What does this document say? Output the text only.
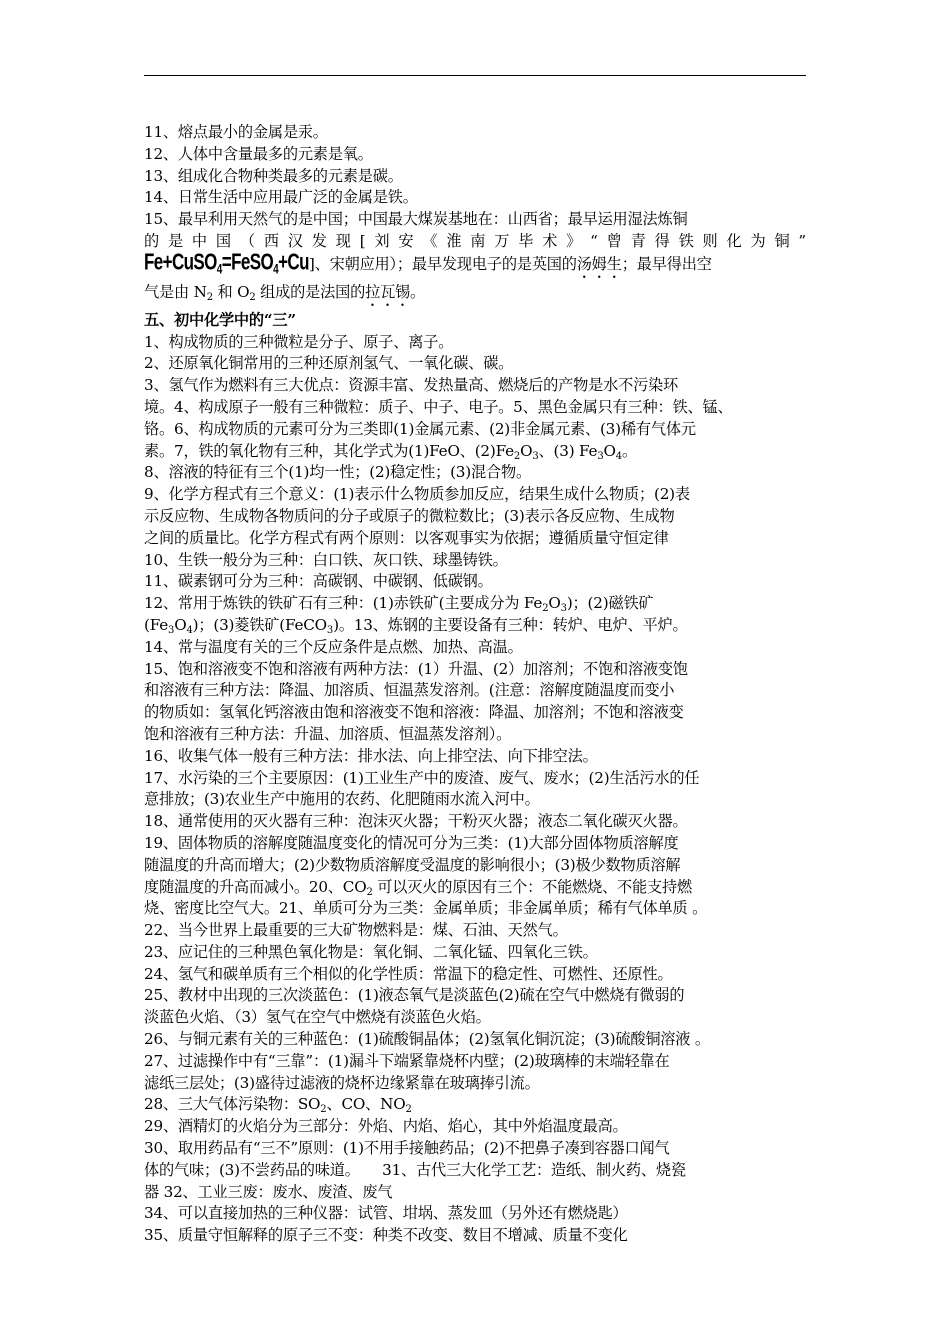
11、熔点最小的金属是汞。

12、人体中含量最多的元素是氧。

13、组成化合物种类最多的元素是碳。

14、日常生活中应用最广泛的金属是铁。

15、最早利用天然气的是中国；中国最大煤炭基地在：山西省；最早运用湿法炼铜

的是中国（西汉发现[刘安《淮南万毕术》“曾青得铁则化为铜”

Fe+CuSO$_4$=FeSO$_4$+Cu]、宋朝应用）；最早发现电子的是英国的汤姆生；最早得出空

气是由 $N_2$ 和 $O_2$ 组成的是法国的拉瓦锡。

五、初中化学中的“三”

1、构成物质的三种微粒是分子、原子、离子。

2、还原氧化铜常用的三种还原剂氢气、一氧化碳、碳。

3、氢气作为燃料有三大优点：资源丰富、发热量高、燃烧后的产物是水不污染环

境。4、构成原子一般有三种微粒：质子、中子、电子。5、黑色金属只有三种：铁、锰、

铬。6、构成物质的元素可分为三类即(1)金属元素、(2)非金属元素、(3)稀有气体元

素。7，铁的氧化物有三种，其化学式为(1)FeO、$(2)Fe_2O_3$、(3) $Fe_3O_4$。

8、溶液的特征有三个(1)均一性；(2)稳定性；(3)混合物。

9、化学方程式有三个意义：(1)表示什么物质参加反应，结果生成什么物质；(2)表

示反应物、生成物各物质问的分子或原子的微粒数比；(3)表示各反应物、生成物

之间的质量比。化学方程式有两个原则：以客观事实为依据；遵循质量守恒定律

10、生铁一般分为三种：白口铁、灰口铁、球墨铸铁。

11、碳素钢可分为三种：高碳钢、中碳钢、低碳钢。

12、常用于炼铁的铁矿石有三种：(1)赤铁矿(主要成分为 $Fe_2O_3$)；(2)磁铁矿

$(Fe_3O_4)$；(3)菱铁矿(FeCO$_3$)。13、炼钢的主要设备有三种：转炉、电炉、平炉。

14、常与温度有关的三个反应条件是点燃、加热、高温。

15、饱和溶液变不饱和溶液有两种方法：(1）升温、(2）加溶剂；不饱和溶液变饱

和溶液有三种方法：降温、加溶质、恒温蒸发溶剂。(注意：溶解度随温度而变小

的物质如：氢氧化钙溶液由饱和溶液变不饱和溶液：降温、加溶剂；不饱和溶液变

饱和溶液有三种方法：升温、加溶质、恒温蒸发溶剂）。

16、收集气体一般有三种方法：排水法、向上排空法、向下排空法。

17、水污染的三个主要原因：(1)工业生产中的废渣、废气、废水；(2)生活污水的任

意排放；(3)农业生产中施用的农药、化肥随雨水流入河中。

18、通常使用的灭火器有三种：泡沫灭火器；干粉灭火器；液态二氧化碳灭火器。

19、固体物质的溶解度随温度变化的情况可分为三类：(1)大部分固体物质溶解度

随温度的升高而增大；(2)少数物质溶解度受温度的影响很小；(3)极少数物质溶解

度随温度的升高而减小。20、$CO_2$ 可以灭火的原因有三个：不能燃烧、不能支持燃

烧、密度比空气大。21、单质可分为三类：金属单质；非金属单质；稀有气体单质 。

22、当今世界上最重要的三大矿物燃料是：煤、石油、天然气。

23、应记住的三种黑色氧化物是：氧化铜、二氧化锰、四氧化三铁。

24、氢气和碳单质有三个相似的化学性质：常温下的稳定性、可燃性、还原性。

25、教材中出现的三次淡蓝色：(1)液态氧气是淡蓝色(2)硫在空气中燃烧有微弱的

淡蓝色火焰、（3）氢气在空气中燃烧有淡蓝色火焰。

26、与铜元素有关的三种蓝色：(1)硫酸铜晶体；(2)氢氧化铜沉淀；(3)硫酸铜溶液 。

27、过滤操作中有“三靠”：(1)漏斗下端紧靠烧杯内壁；(2)玻璃棒的末端轻靠在

滤纸三层处；(3)盛待过滤液的烧杯边缘紧靠在玻璃捧引流。

28、三大气体污染物：$SO_2$、CO、$NO_2$

29、酒精灯的火焰分为三部分：外焰、内焰、焰心，其中外焰温度最高。

30、取用药品有“三不”原则：(1)不用手接触药品；(2)不把鼻子凑到容器口闻气

体的气味；(3)不尝药品的味道。　　31、古代三大化学工艺：造纸、制火药、烧瓷

器 32、工业三废：废水、废渣、废气

34、可以直接加热的三种仪器：试管、坩埚、蒸发皿（另外还有燃烧匙）

35、质量守恒解释的原子三不变：种类不改变、数目不增减、质量不变化
